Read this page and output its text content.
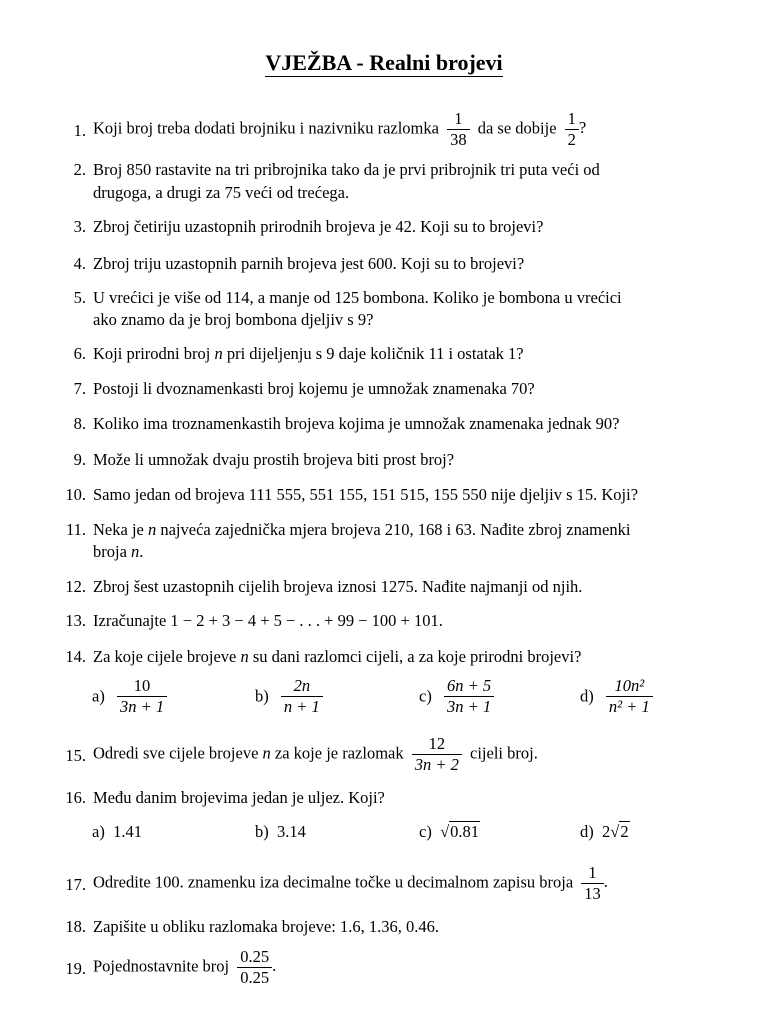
VJEŽBA - Realni brojevi
1. Koji broj treba dodati brojniku i nazivniku razlomka $\frac{1}{38}$ da se dobije $\frac{1}{2}$ ?
2. Broj 850 rastavite na tri pribrojnika tako da je prvi pribrojnik tri puta veći od
drugoga, a drugi za 75 veći od trećega.
3. Zbroj četiriju uzastopnih prirodnih brojeva je 42. Koji su to brojevi?
4. Zbroj triju uzastopnih parnih brojeva jest 600. Koji su to brojevi?
5. U vrećici je više od 114, a manje od 125 bombona. Koliko je bombona u vrećici
ako znamo da je broj bombona djeljiv s 9?
6. Koji prirodni broj n pri dijeljenju s 9 daje količnik 11 i ostatak 1?
7. Postoji li dvoznamenkasti broj kojemu je umnožak znamenaka 70?
8. Koliko ima troznamenkastih brojeva kojima je umnožak znamenaka jednak 90?
9. Može li umnožak dvaju prostih brojeva biti prost broj?
10. Samo jedan od brojeva 111 555, 551 155, 151 515, 155 550 nije djeljiv s 15. Koji?
11. Neka je n najveća zajednička mjera brojeva 210, 168 i 63. Nađite zbroj znamenki
broja n.
12. Zbroj šest uzastopnih cijelih brojeva iznosi 1275. Nađite najmanji od njih.
13. Izračunajte 1 − 2 + 3 − 4 + 5 − . . . + 99 − 100 + 101.
14. Za koje cijele brojeve n su dani razlomci cijeli, a za koje prirodni brojevi?
$a) \frac{10}{3n + 1}$	$b) \frac{2n}{n + 1}$	$c) \frac{6n + 5}{3n + 1}$	$d) \frac{\text{10n²}}{\text{n² + 1}}$
15. Odredi sve cijele brojeve n za koje je razlomak $\frac{12}{3n + 2}$ cijeli broj.
16. Među danim brojevima jedan je uljez. Koji?
a) 1.41	b) 3.14	c) √0.81	d) 2√2
17. Odredite 100. znamenku iza decimalne točke u decimalnom zapisu broja $\frac{1}{13}$ .
18. Zapišite u obliku razlomaka brojeve: 1.6, 1.36, 0.46.
19. Pojednostavnite broj $\frac{0.25}{0.25}$ .
